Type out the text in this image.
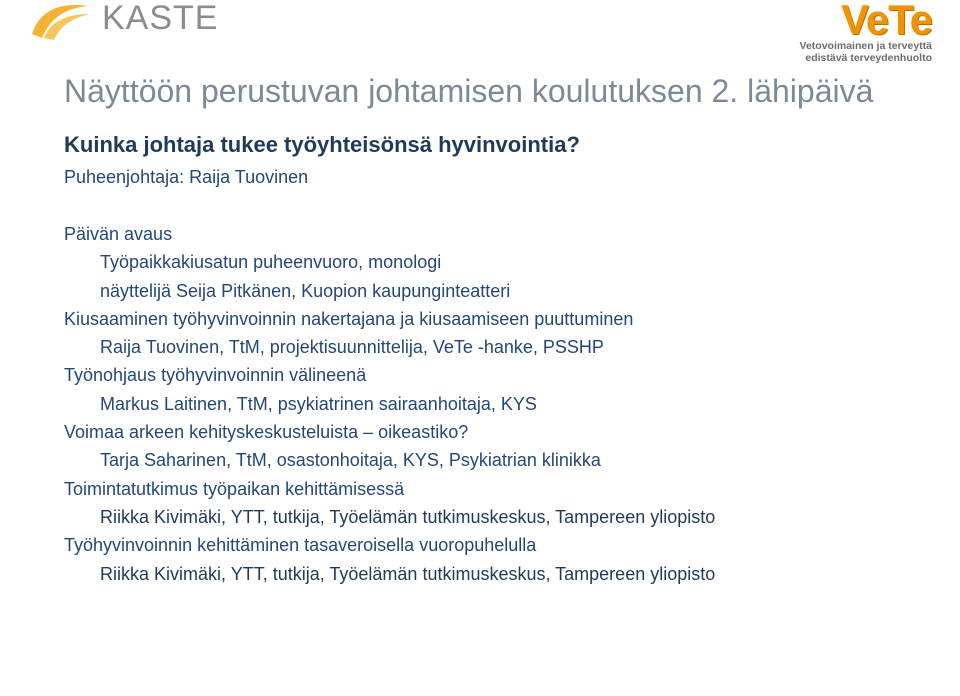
KASTE	VeTe
Vetovoimainen ja terveyttä
edistävä terveydenhuolto
Näyttöön perustuvan johtamisen koulutuksen 2. lähipäivä
Kuinka johtaja tukee työyhteisönsä hyvinvointia?
Puheenjohtaja: Raija Tuovinen
Päivän avaus
Työpaikkakiusatun puheenvuoro, monologi
näyttelijä Seija Pitkänen, Kuopion kaupunginteatteri
Kiusaaminen työhyvinvoinnin nakertajana ja kiusaamiseen puuttuminen
Raija Tuovinen, TtM, projektisuunnittelija, VeTe -hanke, PSSHP
Työnohjaus työhyvinvoinnin välineenä
Markus Laitinen, TtM, psykiatrinen sairaanhoitaja, KYS
Voimaa arkeen kehityskeskusteluista – oikeastiko?
Tarja Saharinen, TtM, osastonhoitaja, KYS, Psykiatrian klinikka
Toimintatutkimus työpaikan kehittämisessä
Riikka Kivimäki, YTT, tutkija, Työelämän tutkimuskeskus, Tampereen yliopisto
Työhyvinvoinnin kehittäminen tasaveroisella vuoropuhelulla
Riikka Kivimäki, YTT, tutkija, Työelämän tutkimuskeskus, Tampereen yliopisto
